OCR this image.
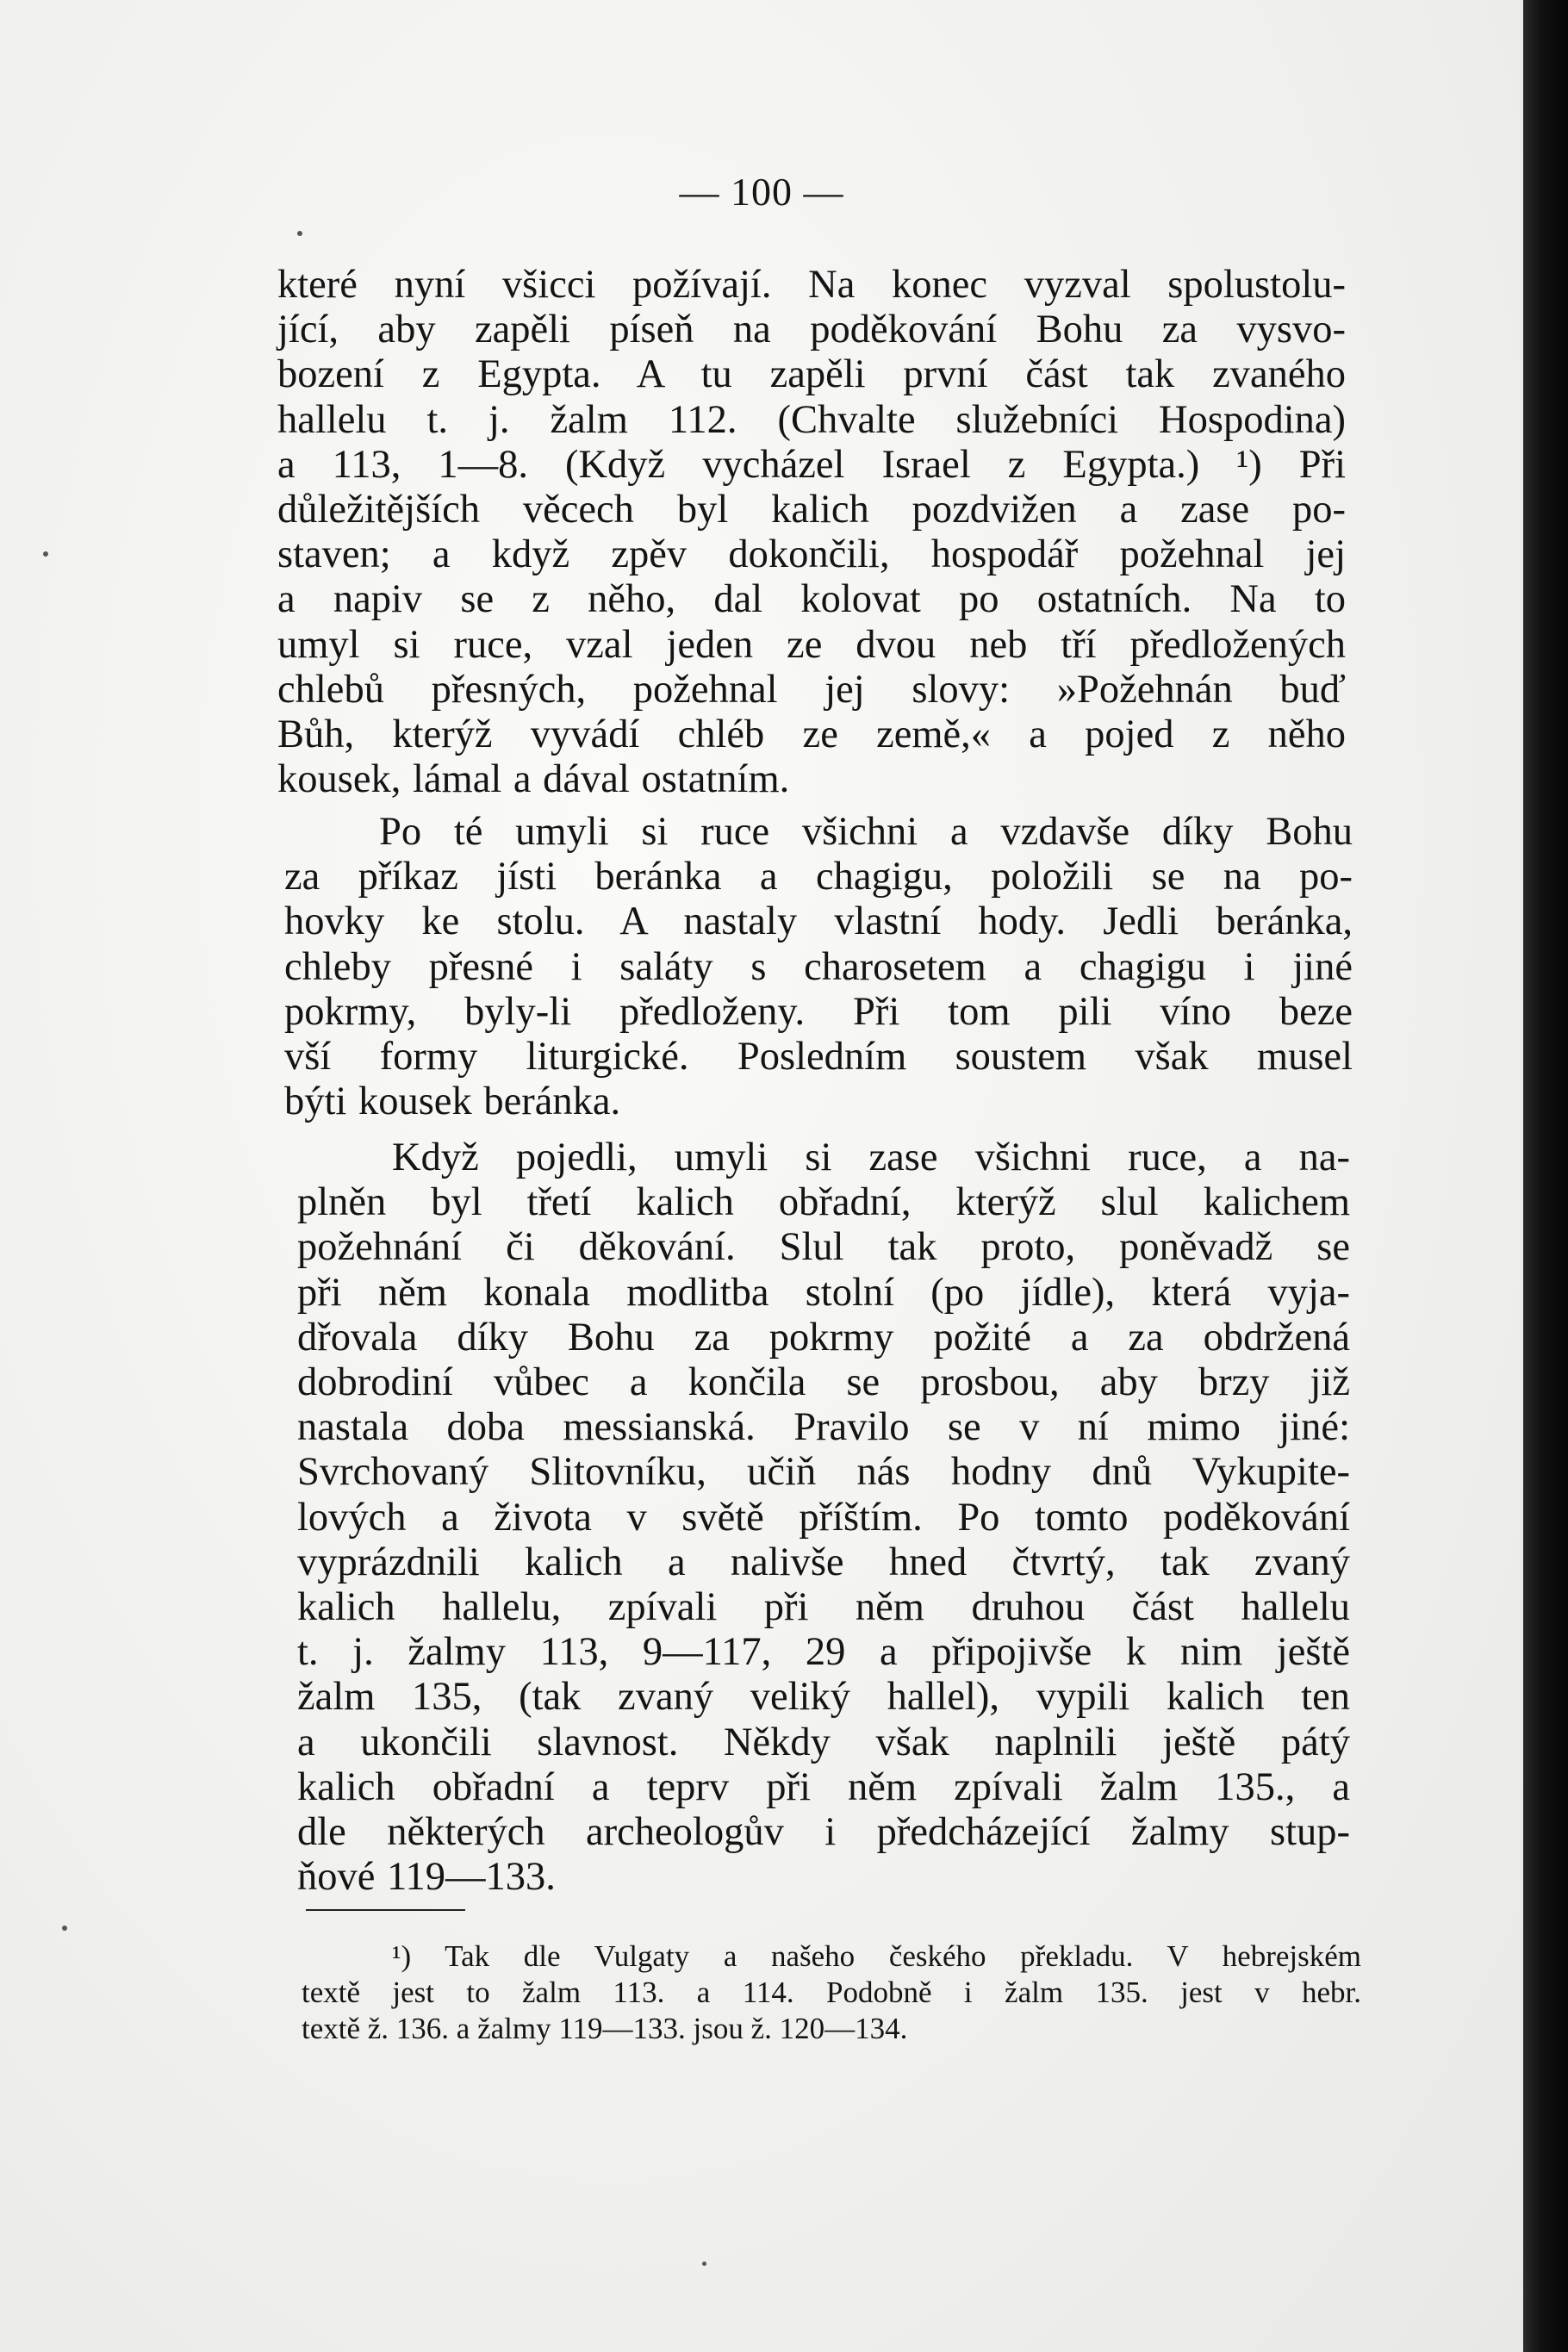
— 100 —
které nyní všicci požívají. Na konec vyzval spolustolu-
jící, aby zapěli píseň na poděkování Bohu za vysvo-
bození z Egypta. A tu zapěli první část tak zvaného
hallelu t. j. žalm 112. (Chvalte služebníci Hospodina)
a 113, 1—8. (Když vycházel Israel z Egypta.) ¹) Při
důležitějších věcech byl kalich pozdvižen a zase po-
staven; a když zpěv dokončili, hospodář požehnal jej
a napiv se z něho, dal kolovat po ostatních. Na to
umyl si ruce, vzal jeden ze dvou neb tří předložených
chlebů přesných, požehnal jej slovy: »Požehnán buď
Bůh, kterýž vyvádí chléb ze země,« a pojed z něho
kousek, lámal a dával ostatním.
Po té umyli si ruce všichni a vzdavše díky Bohu
za příkaz jísti beránka a chagigu, položili se na po-
hovky ke stolu. A nastaly vlastní hody. Jedli beránka,
chleby přesné i saláty s charosetem a chagigu i jiné
pokrmy, byly-li předloženy. Při tom pili víno beze
vší formy liturgické. Posledním soustem však musel
býti kousek beránka.
Když pojedli, umyli si zase všichni ruce, a na-
plněn byl třetí kalich obřadní, kterýž slul kalichem
požehnání či děkování. Slul tak proto, poněvadž se
při něm konala modlitba stolní (po jídle), která vyja-
dřovala díky Bohu za pokrmy požité a za obdržená
dobrodiní vůbec a končila se prosbou, aby brzy již
nastala doba messianská. Pravilo se v ní mimo jiné:
Svrchovaný Slitovníku, učiň nás hodny dnů Vykupite-
lových a života v světě příštím. Po tomto poděkování
vyprázdnili kalich a nalivše hned čtvrtý, tak zvaný
kalich hallelu, zpívali při něm druhou část hallelu
t. j. žalmy 113, 9—117, 29 a připojivše k nim ještě
žalm 135, (tak zvaný veliký hallel), vypili kalich ten
a ukončili slavnost. Někdy však naplnili ještě pátý
kalich obřadní a teprv při něm zpívali žalm 135., a
dle některých archeologův i předcházející žalmy stup-
ňové 119—133.
¹) Tak dle Vulgaty a našeho českého překladu. V hebrejském
textě jest to žalm 113. a 114. Podobně i žalm 135. jest v hebr.
textě ž. 136. a žalmy 119—133. jsou ž. 120—134.
